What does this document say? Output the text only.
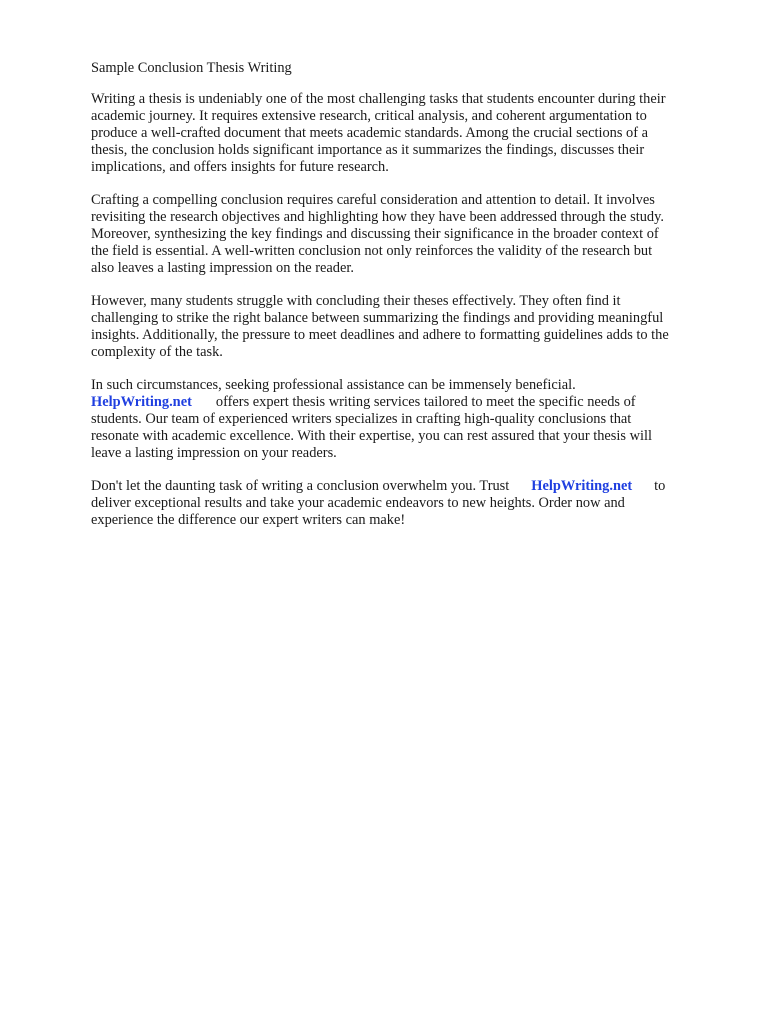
Sample Conclusion Thesis Writing

Writing a thesis is undeniably one of the most challenging tasks that students encounter during their
academic journey. It requires extensive research, critical analysis, and coherent argumentation to
produce a well-crafted document that meets academic standards. Among the crucial sections of a
thesis, the conclusion holds significant importance as it summarizes the findings, discusses their
implications, and offers insights for future research.

Crafting a compelling conclusion requires careful consideration and attention to detail. It involves
revisiting the research objectives and highlighting how they have been addressed through the study.
Moreover, synthesizing the key findings and discussing their significance in the broader context of
the field is essential. A well-written conclusion not only reinforces the validity of the research but
also leaves a lasting impression on the reader.

However, many students struggle with concluding their theses effectively. They often find it
challenging to strike the right balance between summarizing the findings and providing meaningful
insights. Additionally, the pressure to meet deadlines and adhere to formatting guidelines adds to the
complexity of the task.

In such circumstances, seeking professional assistance can be immensely beneficial.
HelpWriting.net offers expert thesis writing services tailored to meet the specific needs of
students. Our team of experienced writers specializes in crafting high-quality conclusions that
resonate with academic excellence. With their expertise, you can rest assured that your thesis will
leave a lasting impression on your readers.

Don't let the daunting task of writing a conclusion overwhelm you. Trust HelpWriting.net to
deliver exceptional results and take your academic endeavors to new heights. Order now and
experience the difference our expert writers can make!
